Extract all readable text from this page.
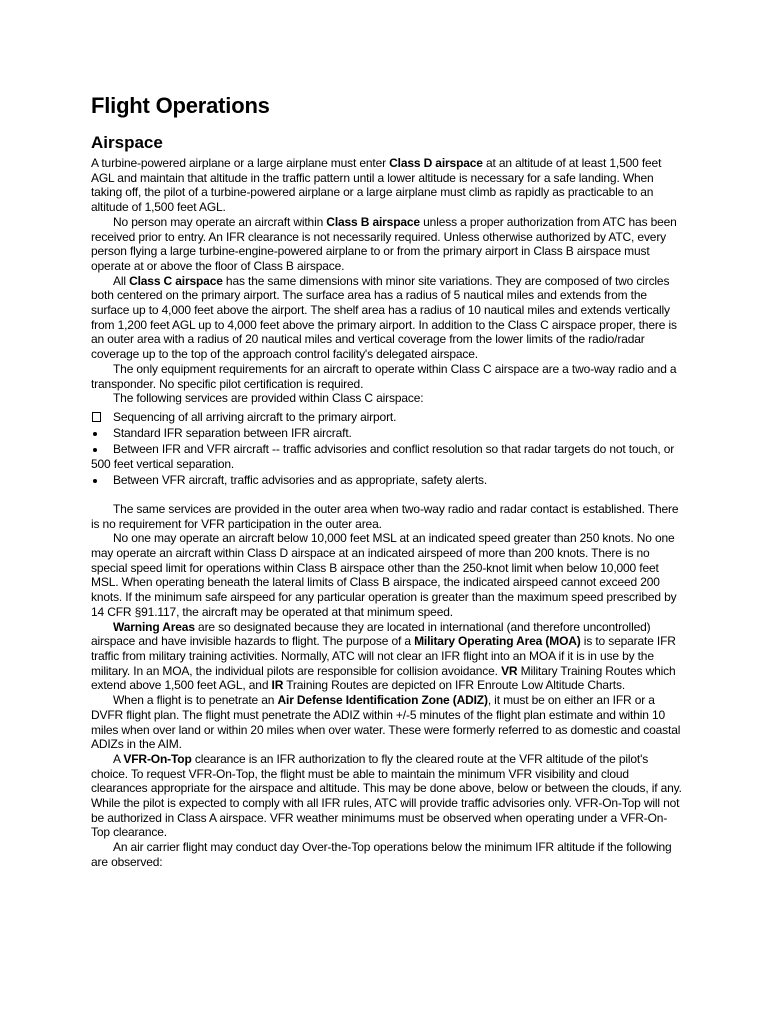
Flight Operations
Airspace

A turbine-powered airplane or a large airplane must enter Class D airspace at an altitude of at least 1,500 feet AGL and maintain that altitude in the traffic pattern until a lower altitude is necessary for a safe landing. When taking off, the pilot of a turbine-powered airplane or a large airplane must climb as rapidly as practicable to an altitude of 1,500 feet AGL.

No person may operate an aircraft within Class B airspace unless a proper authorization from ATC has been received prior to entry. An IFR clearance is not necessarily required. Unless otherwise authorized by ATC, every person flying a large turbine-engine-powered airplane to or from the primary airport in Class B airspace must operate at or above the floor of Class B airspace.

All Class C airspace has the same dimensions with minor site variations. They are composed of two circles both centered on the primary airport. The surface area has a radius of 5 nautical miles and extends from the surface up to 4,000 feet above the airport. The shelf area has a radius of 10 nautical miles and extends vertically from 1,200 feet AGL up to 4,000 feet above the primary airport. In addition to the Class C airspace proper, there is an outer area with a radius of 20 nautical miles and vertical coverage from the lower limits of the radio/radar coverage up to the top of the approach control facility's delegated airspace.

The only equipment requirements for an aircraft to operate within Class C airspace are a two-way radio and a transponder. No specific pilot certification is required.

The following services are provided within Class C airspace:

Sequencing of all arriving aircraft to the primary airport.
Standard IFR separation between IFR aircraft.
Between IFR and VFR aircraft -- traffic advisories and conflict resolution so that radar targets do not touch, or 500 feet vertical separation.
Between VFR aircraft, traffic advisories and as appropriate, safety alerts.

The same services are provided in the outer area when two-way radio and radar contact is established. There is no requirement for VFR participation in the outer area.

No one may operate an aircraft below 10,000 feet MSL at an indicated speed greater than 250 knots. No one may operate an aircraft within Class D airspace at an indicated airspeed of more than 200 knots. There is no special speed limit for operations within Class B airspace other than the 250-knot limit when below 10,000 feet MSL. When operating beneath the lateral limits of Class B airspace, the indicated airspeed cannot exceed 200 knots. If the minimum safe airspeed for any particular operation is greater than the maximum speed prescribed by 14 CFR §91.117, the aircraft may be operated at that minimum speed.

Warning Areas are so designated because they are located in international (and therefore uncontrolled) airspace and have invisible hazards to flight. The purpose of a Military Operating Area (MOA) is to separate IFR traffic from military training activities. Normally, ATC will not clear an IFR flight into an MOA if it is in use by the military. In an MOA, the individual pilots are responsible for collision avoidance. VR Military Training Routes which extend above 1,500 feet AGL, and IR Training Routes are depicted on IFR Enroute Low Altitude Charts.

When a flight is to penetrate an Air Defense Identification Zone (ADIZ), it must be on either an IFR or a DVFR flight plan. The flight must penetrate the ADIZ within +/-5 minutes of the flight plan estimate and within 10 miles when over land or within 20 miles when over water. These were formerly referred to as domestic and coastal ADIZs in the AIM.

A VFR-On-Top clearance is an IFR authorization to fly the cleared route at the VFR altitude of the pilot's choice. To request VFR-On-Top, the flight must be able to maintain the minimum VFR visibility and cloud clearances appropriate for the airspace and altitude. This may be done above, below or between the clouds, if any. While the pilot is expected to comply with all IFR rules, ATC will provide traffic advisories only. VFR-On-Top will not be authorized in Class A airspace. VFR weather minimums must be observed when operating under a VFR-On-Top clearance.

An air carrier flight may conduct day Over-the-Top operations below the minimum IFR altitude if the following are observed:
